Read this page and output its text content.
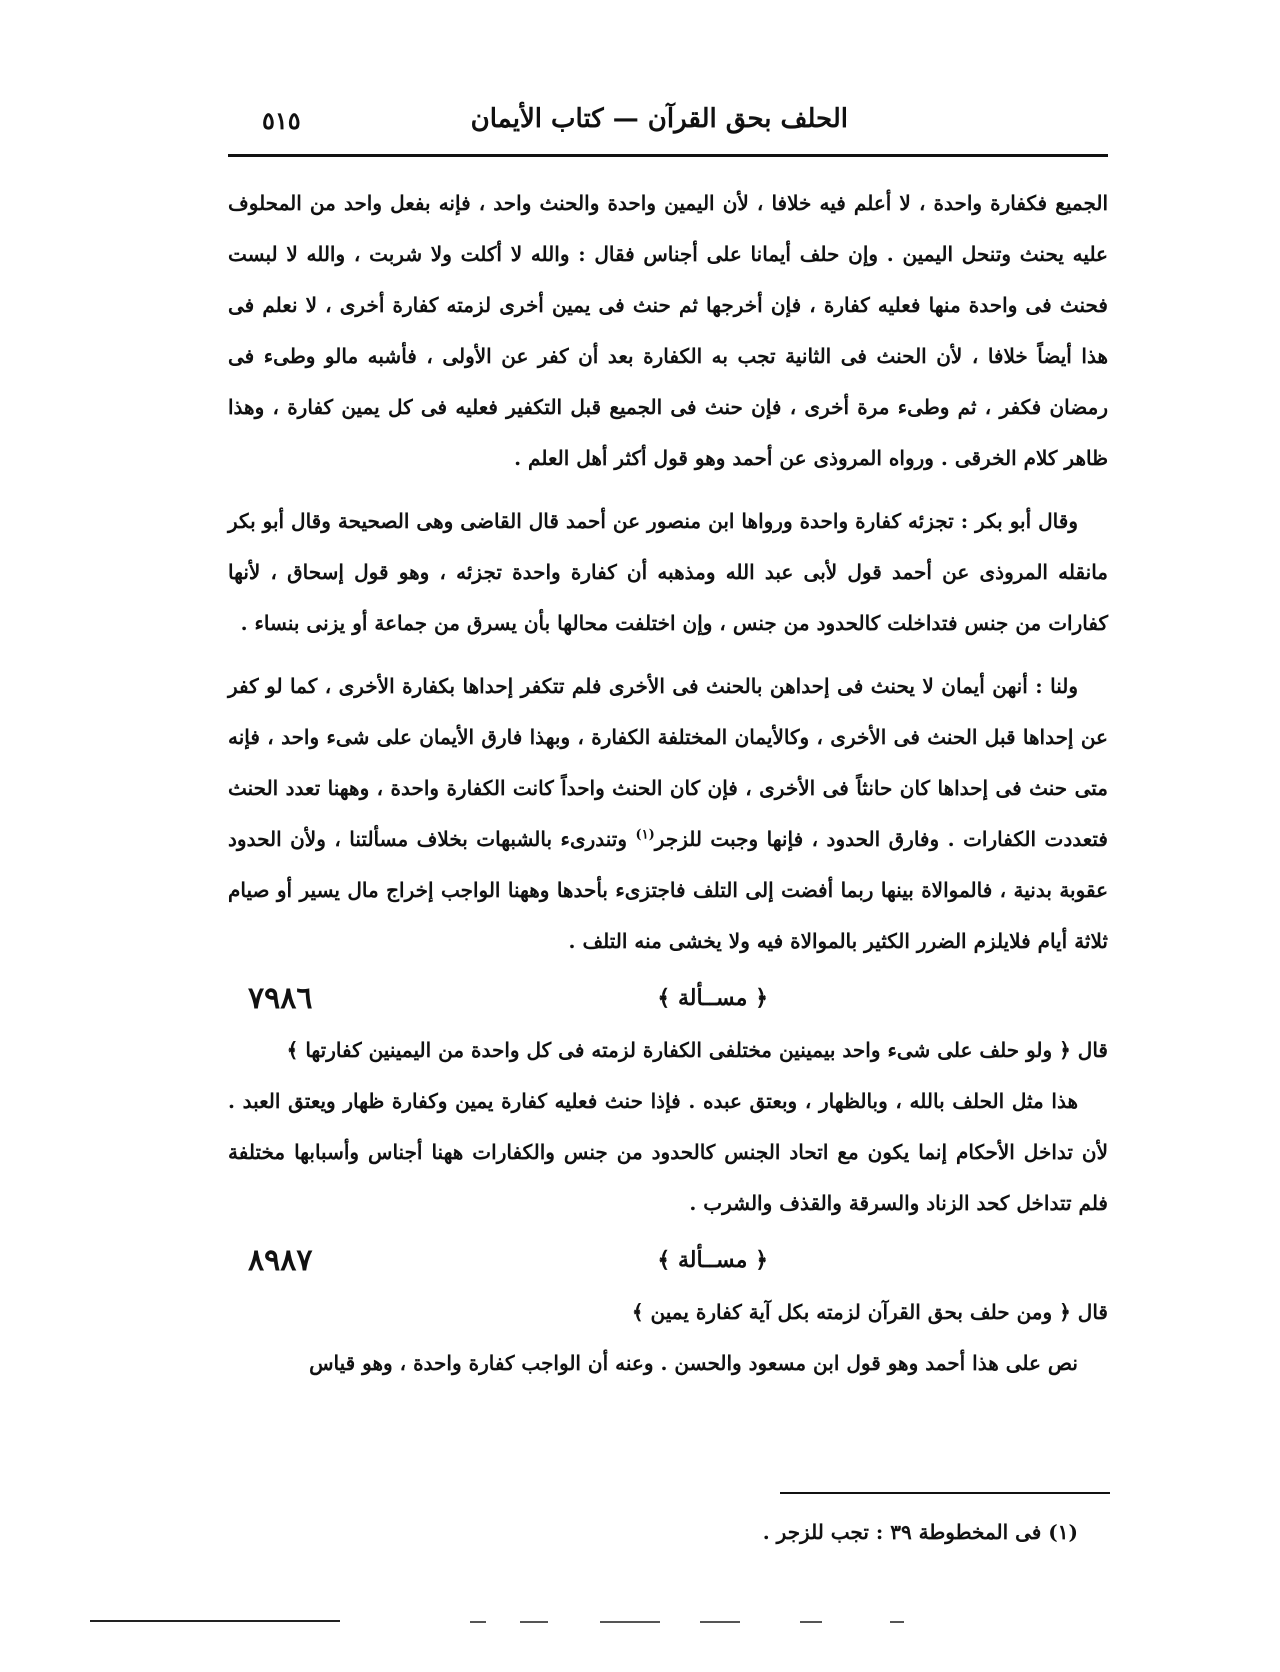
الحلف بحق القرآن — كتاب الأيمان
٥١٥

الجميع فكفارة واحدة ، لا أعلم فيه خلافا ، لأن اليمين واحدة والحنث واحد ، فإنه بفعل واحد من المحلوف عليه يحنث وتنحل اليمين . وإن حلف أيمانا على أجناس فقال : والله لا أكلت ولا شربت ، والله لا لبست فحنث فى واحدة منها فعليه كفارة ، فإن أخرجها ثم حنث فى يمين أخرى لزمته كفارة أخرى ، لا نعلم فى هذا أيضاً خلافا ، لأن الحنث فى الثانية تجب به الكفارة بعد أن كفر عن الأولى ، فأشبه مالو وطىء فى رمضان فكفر ، ثم وطىء مرة أخرى ، فإن حنث فى الجميع قبل التكفير فعليه فى كل يمين كفارة ، وهذا ظاهر كلام الخرقى . ورواه المروذى عن أحمد وهو قول أكثر أهل العلم .

وقال أبو بكر : تجزئه كفارة واحدة ورواها ابن منصور عن أحمد قال القاضى وهى الصحيحة وقال أبو بكر مانقله المروذى عن أحمد قول لأبى عبد الله ومذهبه أن كفارة واحدة تجزئه ، وهو قول إسحاق ، لأنها كفارات من جنس فتداخلت كالحدود من جنس ، وإن اختلفت محالها بأن يسرق من جماعة أو يزنى بنساء .

ولنا : أنهن أيمان لا يحنث فى إحداهن بالحنث فى الأخرى فلم تتكفر إحداها بكفارة الأخرى ، كما لو كفر عن إحداها قبل الحنث فى الأخرى ، وكالأيمان المختلفة الكفارة ، وبهذا فارق الأيمان على شىء واحد ، فإنه متى حنث فى إحداها كان حانثاً فى الأخرى ، فإن كان الحنث واحداً كانت الكفارة واحدة ، وههنا تعدد الحنث فتعددت الكفارات . وفارق الحدود ، فإنها وجبت للزجر$^{(١)}$ وتندرىء بالشبهات بخلاف مسألتنا ، ولأن الحدود عقوبة بدنية ، فالموالاة بينها ربما أفضت إلى التلف فاجتزىء بأحدها وههنا الواجب إخراج مال يسير أو صيام ثلاثة أيام فلايلزم الضرر الكثير بالموالاة فيه ولا يخشى منه التلف .

﴿ مســألة ﴾
٧٩٨٦

قال ﴿ ولو حلف على شىء واحد بيمينين مختلفى الكفارة لزمته فى كل واحدة من اليمينين كفارتها ﴾

هذا مثل الحلف بالله ، وبالظهار ، وبعتق عبده . فإذا حنث فعليه كفارة يمين وكفارة ظهار ويعتق العبد . لأن تداخل الأحكام إنما يكون مع اتحاد الجنس كالحدود من جنس والكفارات ههنا أجناس وأسبابها مختلفة فلم تتداخل كحد الزناد والسرقة والقذف والشرب .

﴿ مســألة ﴾
٨٩٨٧

قال ﴿ ومن حلف بحق القرآن لزمته بكل آية كفارة يمين ﴾

نص على هذا أحمد وهو قول ابن مسعود والحسن . وعنه أن الواجب كفارة واحدة ، وهو قياس

(١) فى المخطوطة ٣٩ : تجب للزجر .
